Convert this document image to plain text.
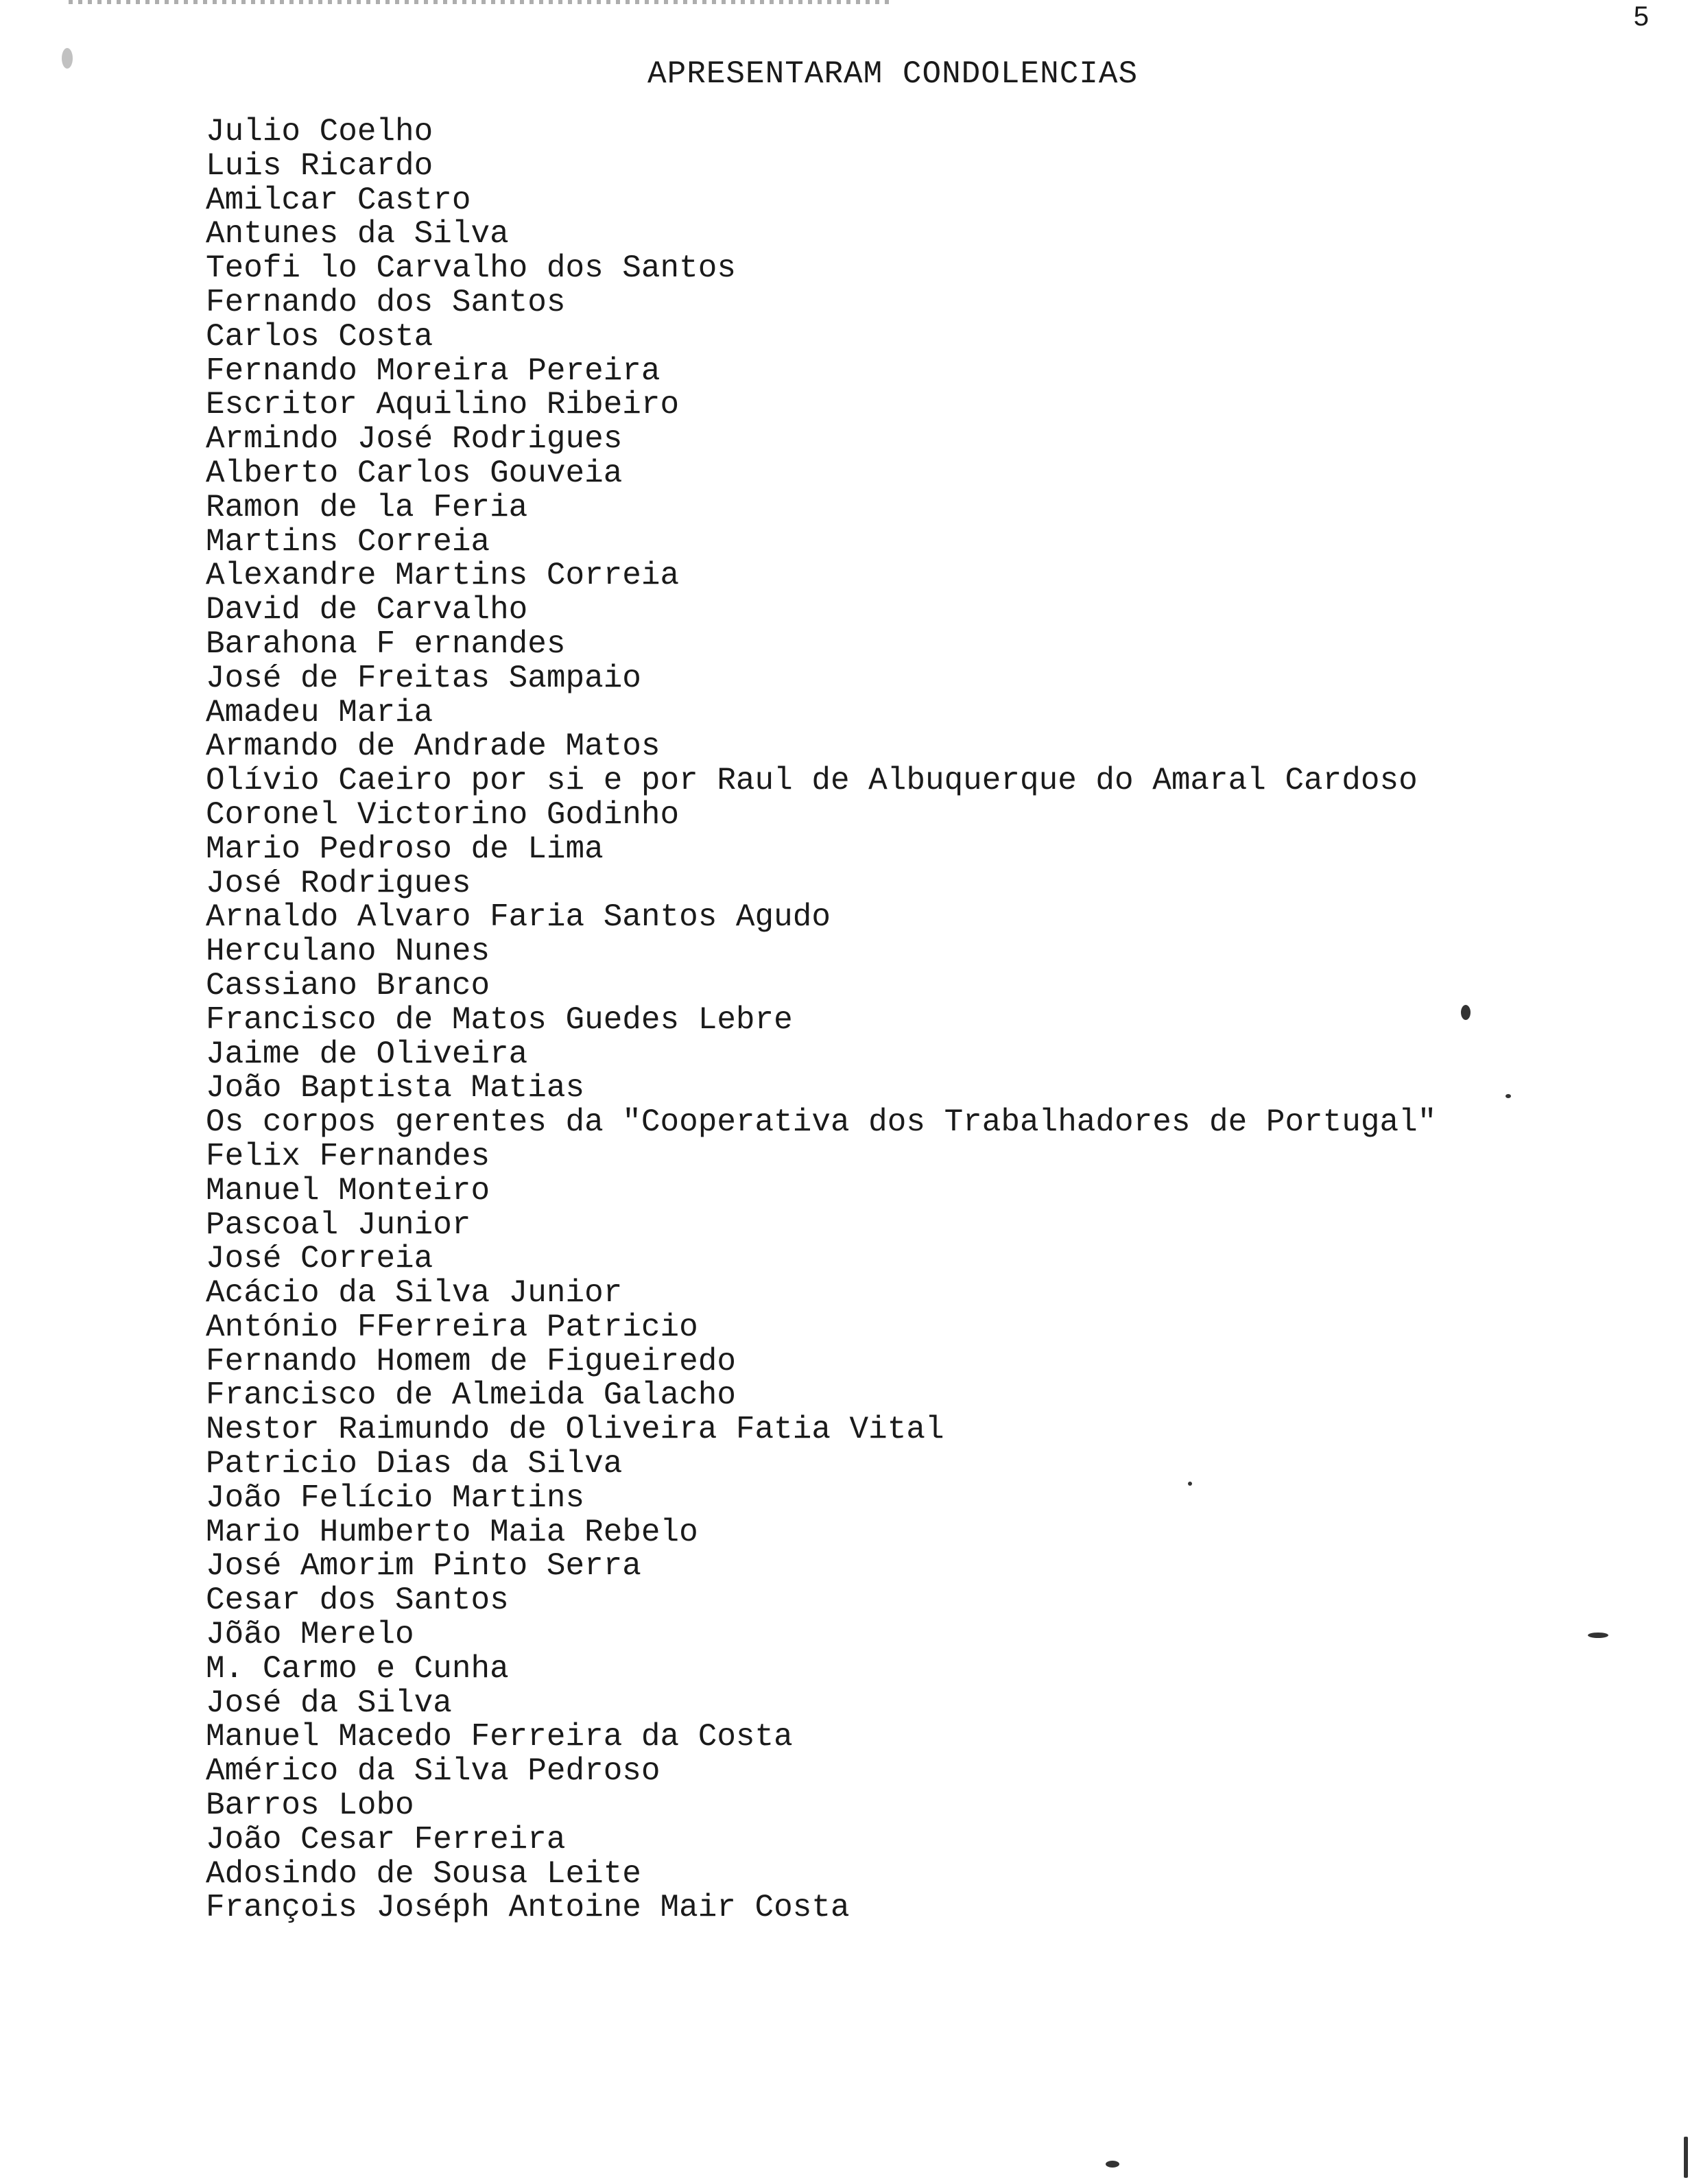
5
APRESENTARAM CONDOLENCIAS
Julio Coelho
Luis Ricardo
Amilcar Castro
Antunes da Silva
Teofi lo Carvalho dos Santos
Fernando dos Santos
Carlos Costa
Fernando Moreira Pereira
Escritor Aquilino Ribeiro
Armindo José Rodrigues
Alberto Carlos Gouveia
Ramon de la Feria
Martins Correia
Alexandre Martins Correia
David de Carvalho
Barahona F ernandes
José de Freitas Sampaio
Amadeu Maria
Armando de Andrade Matos
Olívio Caeiro por si e por Raul de Albuquerque do Amaral Cardoso
Coronel Victorino Godinho
Mario Pedroso de Lima
José Rodrigues
Arnaldo Alvaro Faria Santos Agudo
Herculano Nunes
Cassiano Branco
Francisco de Matos Guedes Lebre
Jaime de Oliveira
João Baptista Matias
Os corpos gerentes da "Cooperativa dos Trabalhadores de Portugal"
Felix Fernandes
Manuel Monteiro
Pascoal Junior
José Correia
Acácio da Silva Junior
António FFerreira Patricio
Fernando Homem de Figueiredo
Francisco de Almeida Galacho
Nestor Raimundo de Oliveira Fatia Vital
Patricio Dias da Silva
João Felício Martins
Mario Humberto Maia Rebelo
José Amorim Pinto Serra
Cesar dos Santos
Jõão Merelo
M. Carmo e Cunha
José da Silva
Manuel Macedo Ferreira da Costa
Américo da Silva Pedroso
Barros Lobo
João Cesar Ferreira
Adosindo de Sousa Leite
François Joséph Antoine Mair Costa
